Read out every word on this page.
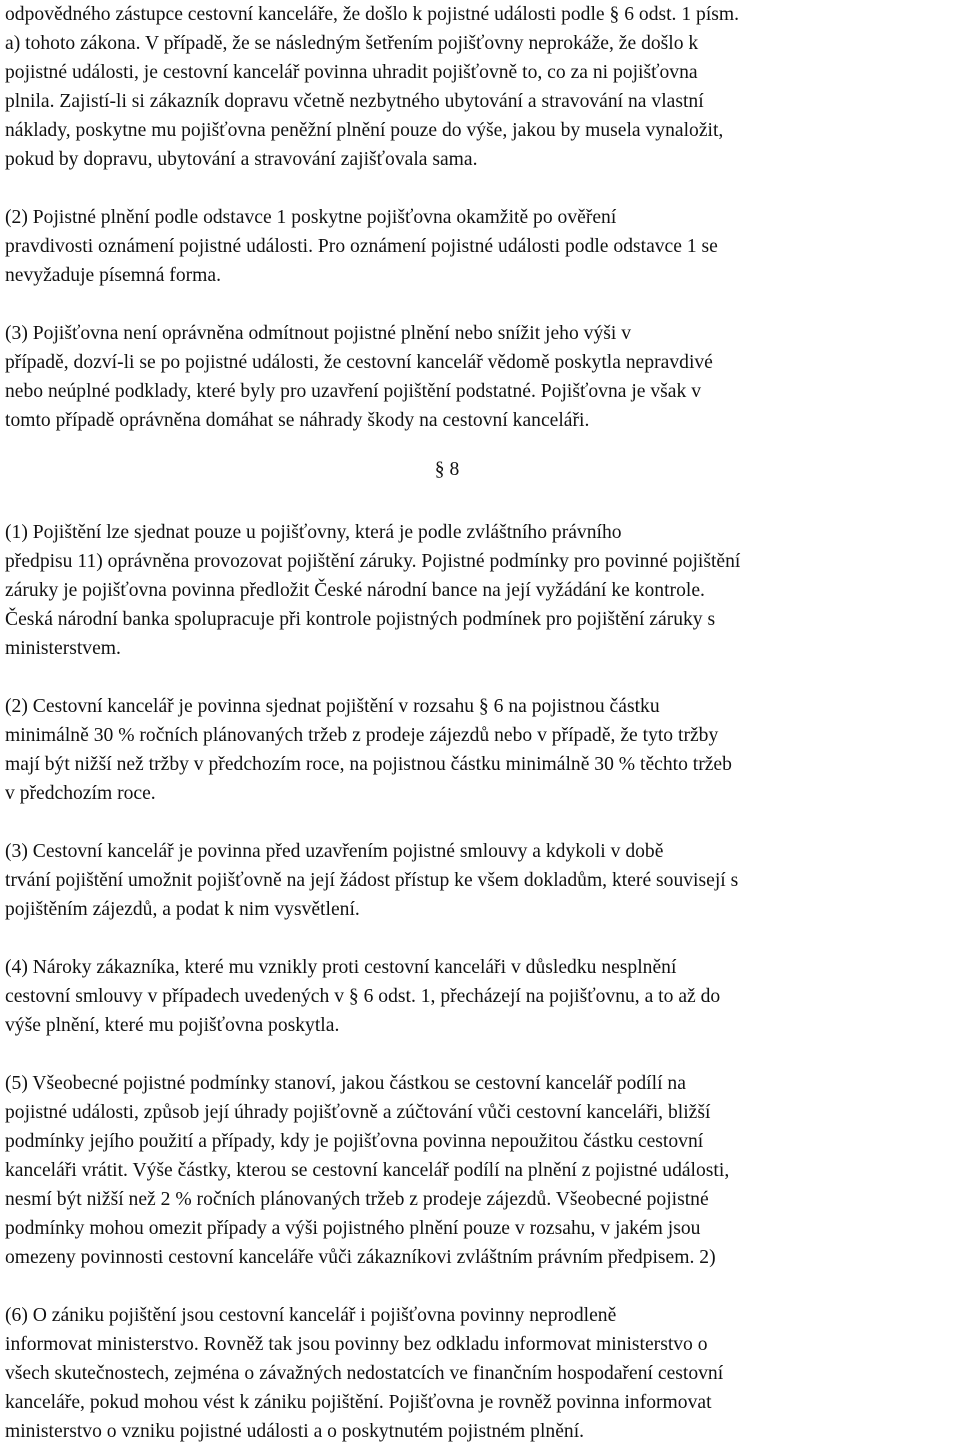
odpovědného zástupce cestovní kanceláře, že došlo k pojistné události podle § 6 odst. 1 písm.
a) tohoto zákona. V případě, že se následným šetřením pojišťovny neprokáže, že došlo k
pojistné události, je cestovní kancelář povinna uhradit pojišťovně to, co za ni pojišťovna
plnila. Zajistí-li si zákazník dopravu včetně nezbytného ubytování a stravování na vlastní
náklady, poskytne mu pojišťovna peněžní plnění pouze do výše, jakou by musela vynaložit,
pokud by dopravu, ubytování a stravování zajišťovala sama.

(2) Pojistné plnění podle odstavce 1 poskytne pojišťovna okamžitě po ověření
pravdivosti oznámení pojistné události. Pro oznámení pojistné události podle odstavce 1 se
nevyžaduje písemná forma.

(3) Pojišťovna není oprávněna odmítnout pojistné plnění nebo snížit jeho výši v
případě, dozví-li se po pojistné události, že cestovní kancelář vědomě poskytla nepravdivé
nebo neúplné podklady, které byly pro uzavření pojištění podstatné. Pojišťovna je však v
tomto případě oprávněna domáhat se náhrady škody na cestovní kanceláři.

§ 8

(1) Pojištění lze sjednat pouze u pojišťovny, která je podle zvláštního právního
předpisu 11) oprávněna provozovat pojištění záruky. Pojistné podmínky pro povinné pojištění
záruky je pojišťovna povinna předložit České národní bance na její vyžádání ke kontrole.
Česká národní banka spolupracuje při kontrole pojistných podmínek pro pojištění záruky s
ministerstvem.

(2) Cestovní kancelář je povinna sjednat pojištění v rozsahu § 6 na pojistnou částku
minimálně 30 % ročních plánovaných tržeb z prodeje zájezdů nebo v případě, že tyto tržby
mají být nižší než tržby v předchozím roce, na pojistnou částku minimálně 30 % těchto tržeb
v předchozím roce.

(3) Cestovní kancelář je povinna před uzavřením pojistné smlouvy a kdykoli v době
trvání pojištění umožnit pojišťovně na její žádost přístup ke všem dokladům, které souvisejí s
pojištěním zájezdů, a podat k nim vysvětlení.

(4) Nároky zákazníka, které mu vznikly proti cestovní kanceláři v důsledku nesplnění
cestovní smlouvy v případech uvedených v § 6 odst. 1, přecházejí na pojišťovnu, a to až do
výše plnění, které mu pojišťovna poskytla.

(5) Všeobecné pojistné podmínky stanoví, jakou částkou se cestovní kancelář podílí na
pojistné události, způsob její úhrady pojišťovně a zúčtování vůči cestovní kanceláři, bližší
podmínky jejího použití a případy, kdy je pojišťovna povinna nepoužitou částku cestovní
kanceláři vrátit. Výše částky, kterou se cestovní kancelář podílí na plnění z pojistné události,
nesmí být nižší než 2 % ročních plánovaných tržeb z prodeje zájezdů. Všeobecné pojistné
podmínky mohou omezit případy a výši pojistného plnění pouze v rozsahu, v jakém jsou
omezeny povinnosti cestovní kanceláře vůči zákazníkovi zvláštním právním předpisem. 2)

(6) O zániku pojištění jsou cestovní kancelář i pojišťovna povinny neprodleně
informovat ministerstvo. Rovněž tak jsou povinny bez odkladu informovat ministerstvo o
všech skutečnostech, zejména o závažných nedostatcích ve finančním hospodaření cestovní
kanceláře, pokud mohou vést k zániku pojištění. Pojišťovna je rovněž povinna informovat
ministerstvo o vzniku pojistné události a o poskytnutém pojistném plnění.
